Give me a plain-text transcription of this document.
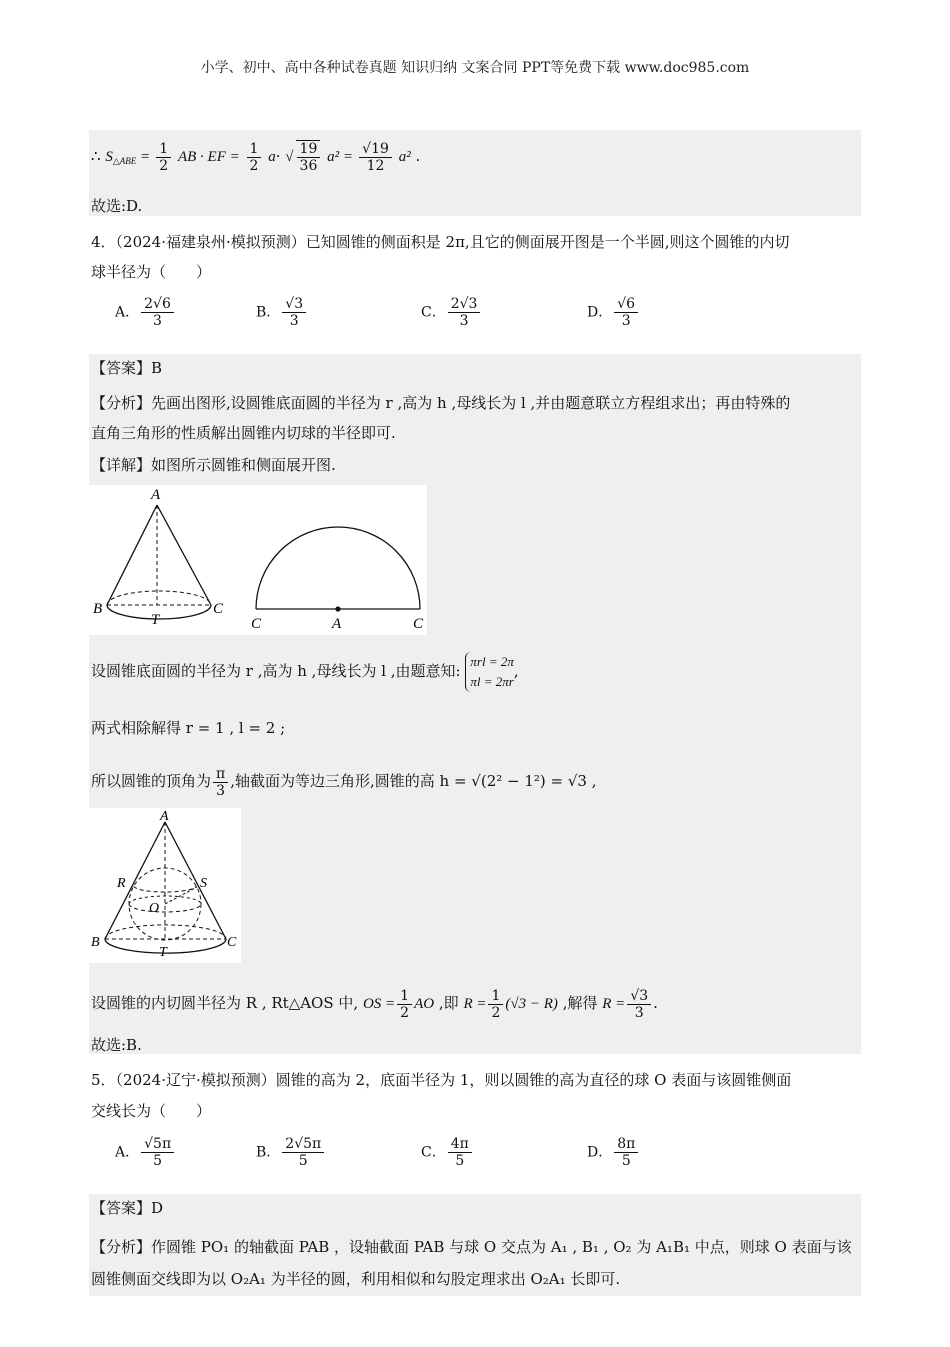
小学、初中、高中各种试卷真题 知识归纳 文案合同 PPT等免费下载 www.doc985.com
∴ $S_{\triangle ABE} = \frac{1}{2}$ AB · EF = $\frac{1}{2} a\cdot$ √ $\frac{19}{36} a^2 = \frac{√19}{12} a^2$ .
故选:D.
4．（2024·福建泉州·模拟预测）已知圆锥的侧面积是 2π,且它的侧面展开图是一个半圆,则这个圆锥的内切
球半径为（　　）
A． $\frac{2√6}{3}$	B． $\frac{√3}{3}$	C． $\frac{2√3}{3}$	D． $\frac{√6}{3}$
【答案】B
【分析】先画出图形,设圆锥底面圆的半径为 r ,高为 h ,母线长为 l ,并由题意联立方程组求出；再由特殊的
直角三角形的性质解出圆锥内切球的半径即可.
【详解】如图所示圆锥和侧面展开图.
A
B	C
T	C	A	C
设圆锥底面圆的半径为 r ,高为 h ,母线长为 l ,由题意知:
πrl = 2π
πl = 2πr
,
两式相除解得 r = 1 , l = 2 ;
所以圆锥的顶角为 $\frac{\pi}{3}$ ,轴截面为等边三角形,圆锥的高 h = √(2² − 1²) = √3 ,
A
R	S
O
B	C
T
设圆锥的内切圆半径为 R , Rt△AOS 中, OS = $\frac{1}{2}$ AO ,即 $R = \frac{1}{2} (√3 - R)$ ,解得 $R = \frac{√3}{3}$ .
故选:B.
5．（2024·辽宁·模拟预测）圆锥的高为 2，底面半径为 1，则以圆锥的高为直径的球 O 表面与该圆锥侧面
交线长为（　　）
A． $\frac{√5\pi}{5}$	B． $\frac{2√5\pi}{5}$	C． $\frac{4\pi}{5}$	D． $\frac{8\pi}{5}$
【答案】D
【分析】作圆锥 PO₁ 的轴截面 PAB ，设轴截面 PAB 与球 O 交点为 A₁ , B₁ , O₂ 为 A₁B₁ 中点，则球 O 表面与该
圆锥侧面交线即为以 O₂A₁ 为半径的圆，利用相似和勾股定理求出 O₂A₁ 长即可.
